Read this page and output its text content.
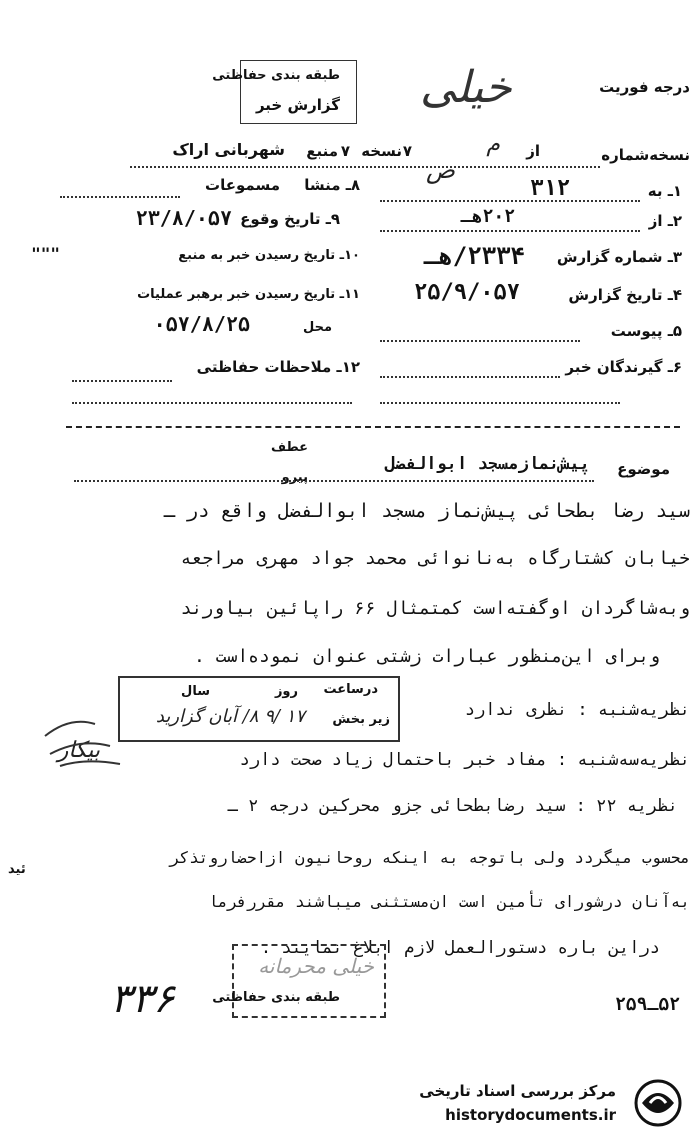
طبقه بندی حفاظتی
گزارش خبر خیلی	درجه فوریت
نسخه‌شماره
از
م
۷
نسخه
۷
منبع
شهربانی اراک
۱ـ به
ص
۳۱۲
۸ـ منشا
مسموعات
۲ـ از
۲۰۲هـ
۹ـ تاریخ وقوع
۲۳/۸/۰۵۷
۳ـ شماره گزارش
۲۳۳۴/هـ
۱۰ـ تاریخ رسیدن خبر به منبع
"""
۴ـ تاریخ گزارش
۲۵/۹/۰۵۷
۱۱ـ تاریخ رسیدن خبر برهبر عملیات
۵ـ پیوست
محل
۰۵۷/۸/۲۵
۶ـ گیرندگان خبر
۱۲ـ ملاحظات حفاظتی
موضوع
پیش‌نمازمسجد ابوالفضل
عطف
پیرو
سید رضا بطحائی پیش‌نماز مسجد ابوالفضل واقع در ـ
خیابان کشتارگاه به‌نانوائی محمد جواد مهری مراجعه
وبه‌شاگردان اوگفته‌است کمتمثال ۶۶ راپائین بیاورند
وبرای این‌منظور عبارات زشتی عنوان نموده‌است .
نظریه‌شنبه : نظری ندارد
نظریه‌سه‌شنبه : مفاد خبر باحتمال زیاد صحت دارد
بیکار
نظریه ۲۲ : سید رضابطحائی جزو محرکین درجه ۲ ـ
محسوب میگردد ولی باتوجه به اینکه روحانیون ازاحضاروتذکر
ئید
به‌آنان درشورای تأمین است ان‌مستثنی میباشند مقررفرما
دراین باره دستورالعمل لازم ابلاغ نمایند .
درساعت
روز
سال
زیر بخش
۱۷ /۹ ۸/ آبان گزارید
خیلی محرمانه
طبقه بندی حفاظتی
۳۳۶	۵۲ـ۲۵۹
مرکز بررسی اسناد تاریخی
historydocuments.ir
